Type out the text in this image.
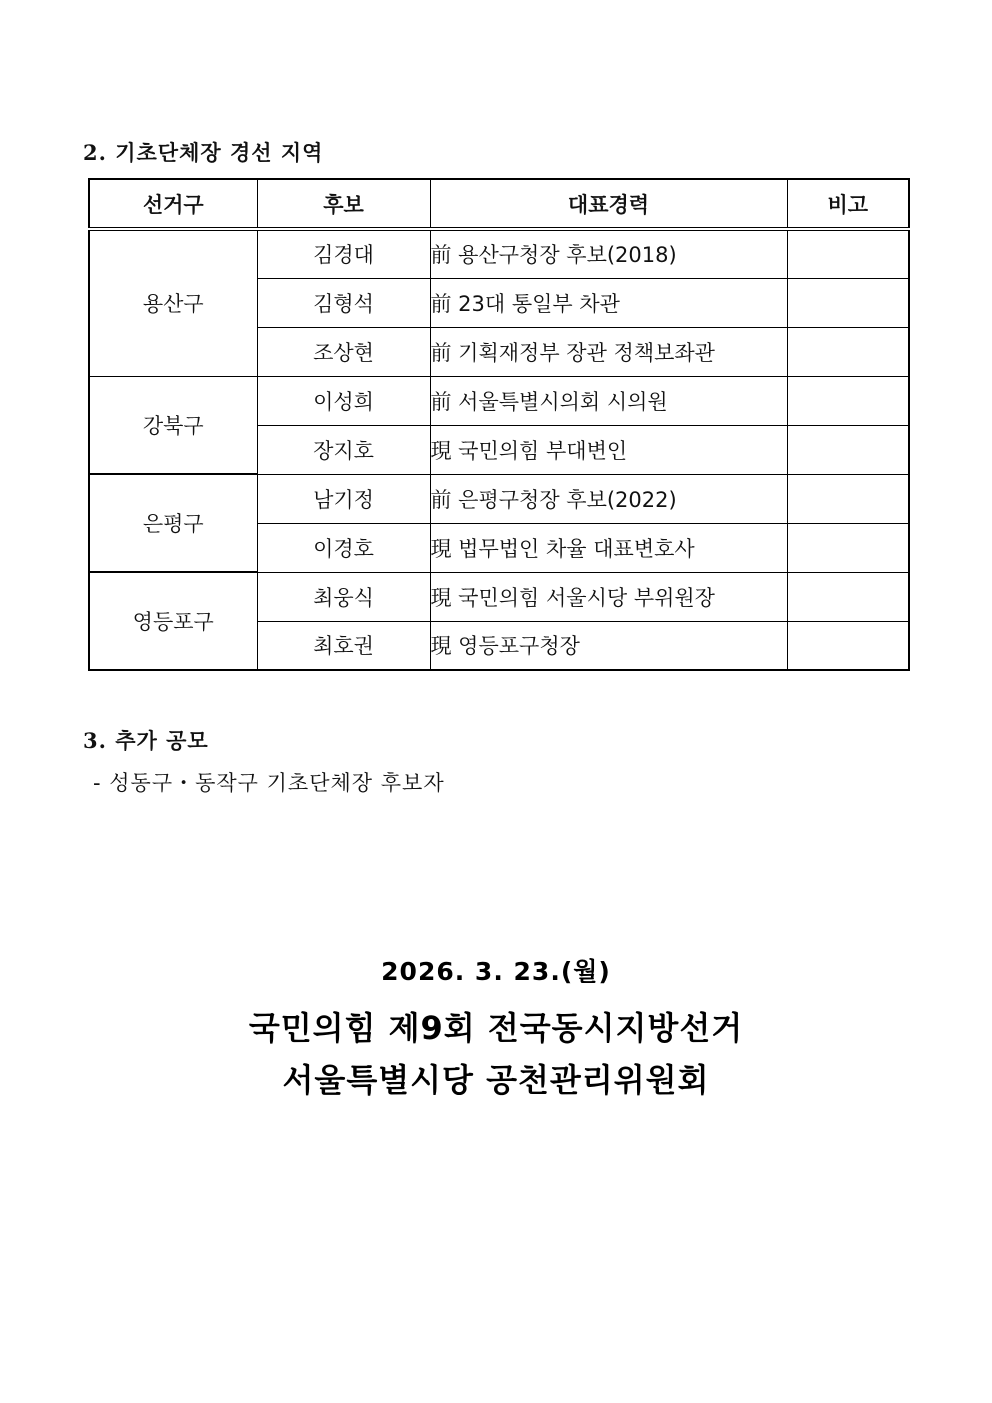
2. 기초단체장 경선 지역
선거구	후보	대표경력	비고
용산구	김경대	前 용산구청장 후보(2018)	
	김형석	前 23대 통일부 차관	
	조상현	前 기획재정부 장관 정책보좌관	
강북구	이성희	前 서울특별시의회 시의원	
	장지호	現 국민의힘 부대변인	
은평구	남기정	前 은평구청장 후보(2022)	
	이경호	現 법무법인 차율 대표변호사	
영등포구	최웅식	現 국민의힘 서울시당 부위원장	
	최호권	現 영등포구청장	
3. 추가 공모
- 성동구・동작구 기초단체장 후보자
2026. 3. 23.(월)
국민의힘 제9회 전국동시지방선거
서울특별시당 공천관리위원회
